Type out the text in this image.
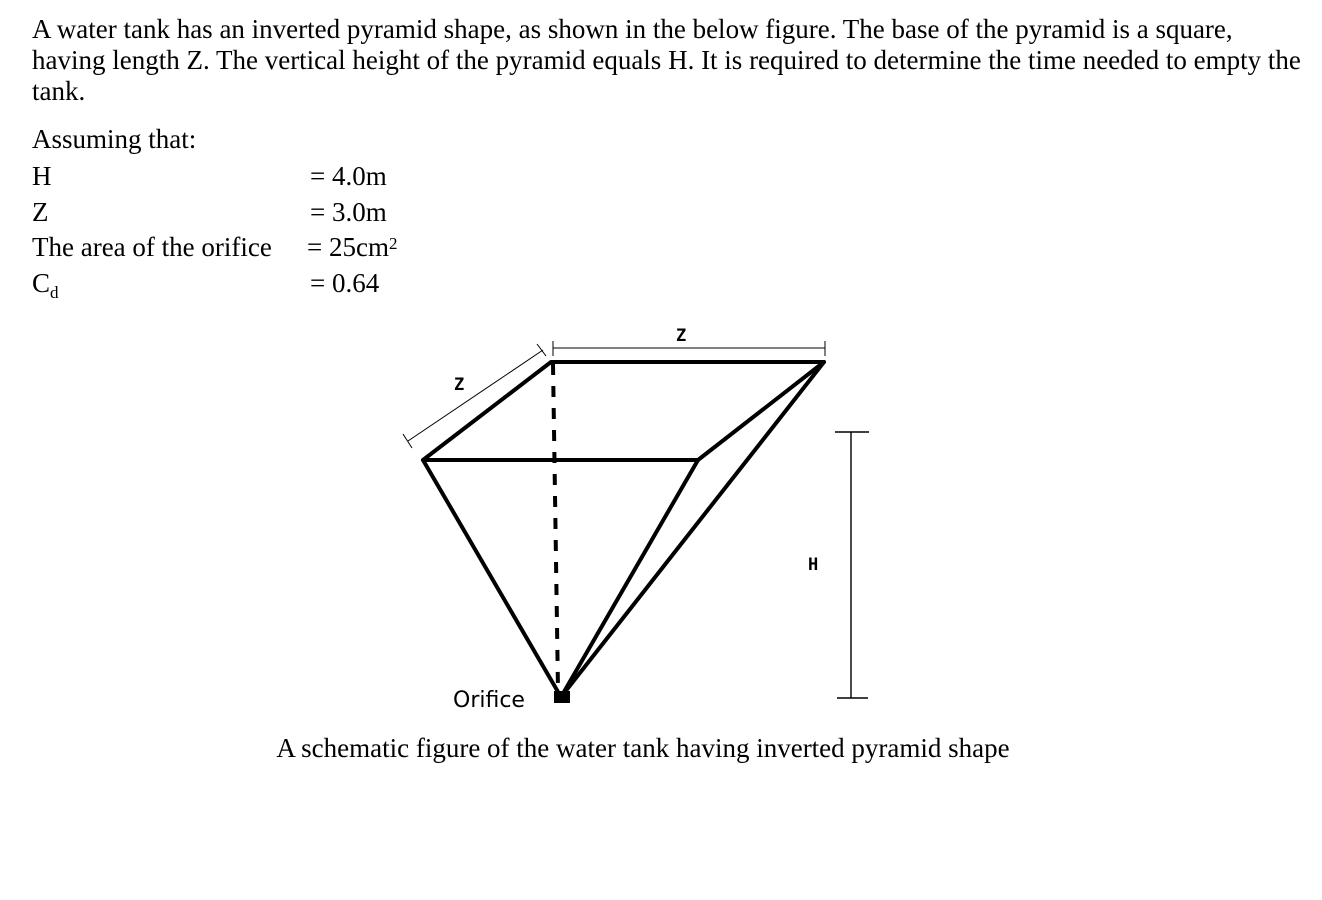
A water tank has an inverted pyramid shape, as shown in the below figure. The base of the pyramid is a square, having length Z. The vertical height of the pyramid equals H. It is required to determine the time needed to empty the tank.

Assuming that:

H	= 4.0m
Z	= 3.0m
The area of the orifice = $25cm^2$
$C_d$	= 0.64
Z
Z
H
Orifice
A schematic figure of the water tank having inverted pyramid shape
